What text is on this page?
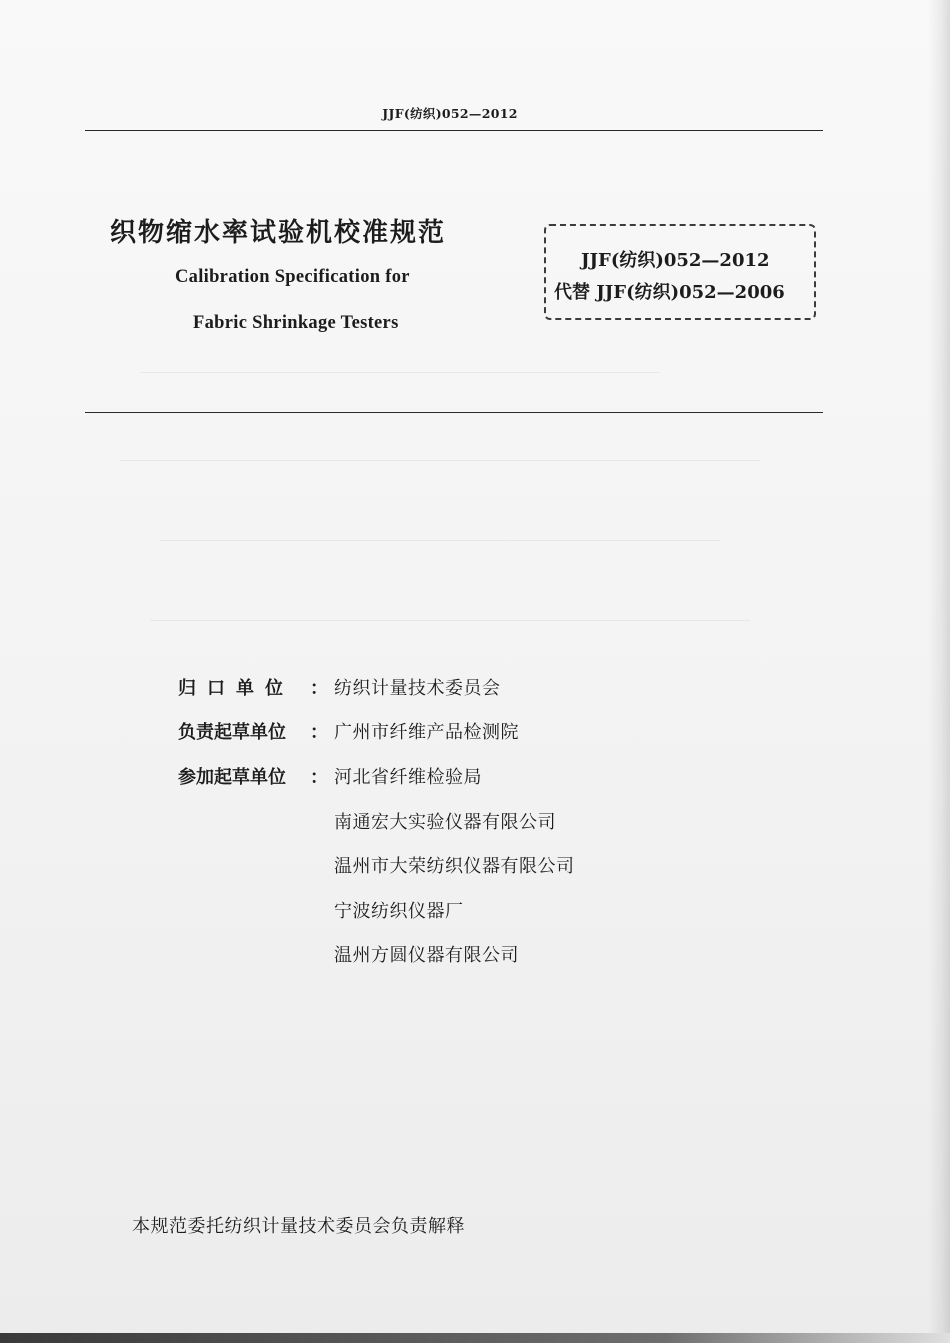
JJF(纺织)052—2012
织物缩水率试验机校准规范
Calibration Specification for
Fabric Shrinkage Testers
JJF(纺织)052—2012
代替 JJF(纺织)052—2006
归口单位 ： 纺织计量技术委员会
负责起草单位	： 广州市纤维产品检测院
参加起草单位	： 河北省纤维检验局
南通宏大实验仪器有限公司
温州市大荣纺织仪器有限公司
宁波纺织仪器厂
温州方圆仪器有限公司
本规范委托纺织计量技术委员会负责解释
